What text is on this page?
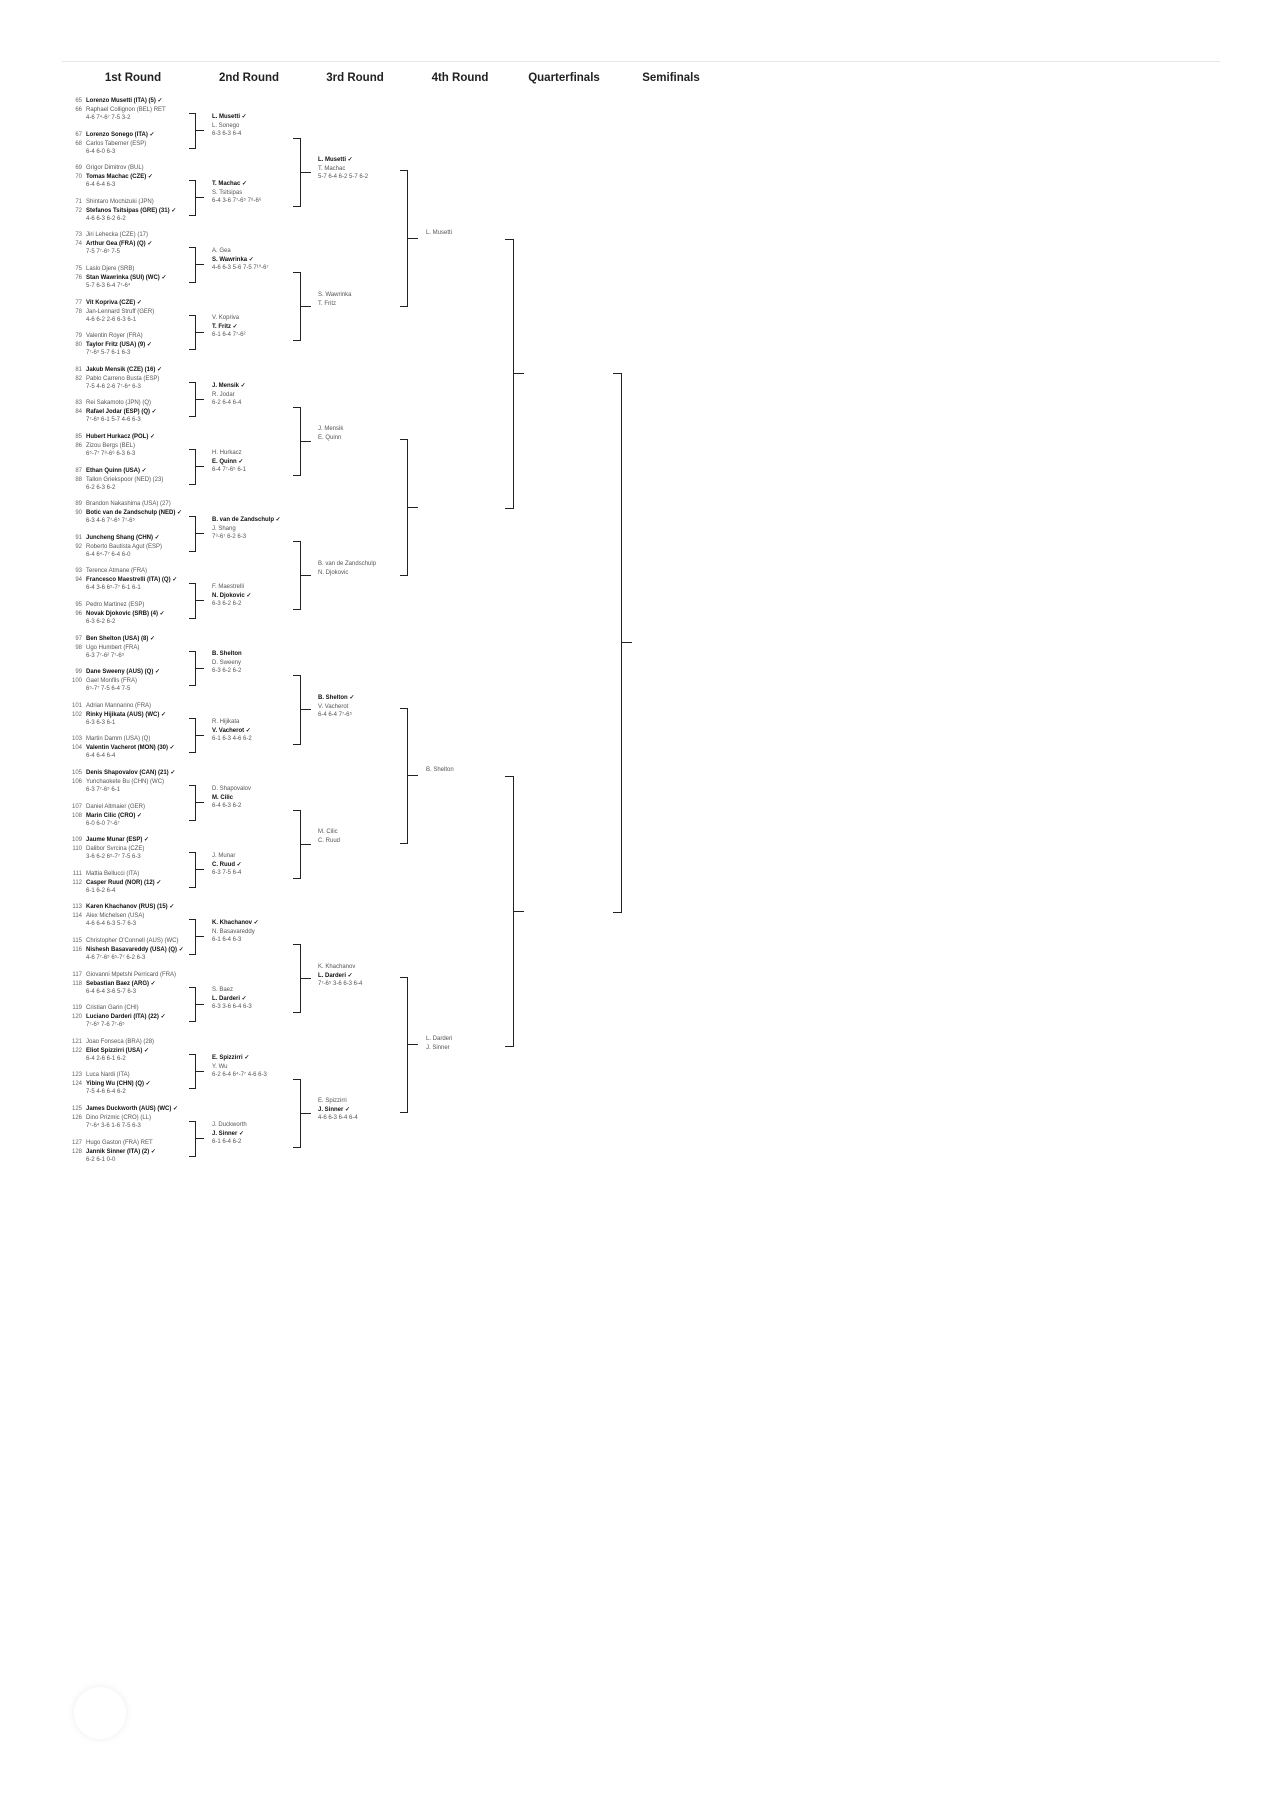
1st Round	2nd Round	3rd Round	4th Round	Quarterfinals	Semifinals
65 Lorenzo Musetti (ITA) (5) ✓
66 Raphael Collignon (BEL) RET
4-6 7⁴-6⁷ 7-5 3-2
67 Lorenzo Sonego (ITA) ✓
68 Carlos Taberner (ESP)
6-4 6-0 6-3
69 Grigor Dimitrov (BUL)
70 Tomas Machac (CZE) ✓
6-4 6-4 6-3
71 Shintaro Mochizuki (JPN)
72 Stefanos Tsitsipas (GRE) (31) ✓
4-6 6-3 6-2 6-2
73 Jiri Lehecka (CZE) (17)
74 Arthur Gea (FRA) (Q) ✓
7-5 7⁷-6⁵ 7-5
75 Laslo Djere (SRB)
76 Stan Wawrinka (SUI) (WC) ✓
5-7 6-3 6-4 7⁷-6⁴
77 Vit Kopriva (CZE) ✓
78 Jan-Lennard Struff (GER)
4-6 6-2 2-6 6-3 6-1
79 Valentin Royer (FRA)
80 Taylor Fritz (USA) (9) ✓
7⁷-6⁵ 5-7 6-1 6-3
81 Jakub Mensik (CZE) (16) ✓
82 Pablo Carreno Busta (ESP)
7-5 4-6 2-6 7⁷-6⁴ 6-3
83 Rei Sakamoto (JPN) (Q)
84 Rafael Jodar (ESP) (Q) ✓
7⁷-6⁵ 6-1 5-7 4-6 6-3
85 Hubert Hurkacz (POL) ✓
86 Zizou Bergs (BEL)
6⁵-7⁷ 7⁸-6⁶ 6-3 6-3
87 Ethan Quinn (USA) ✓
88 Tallon Griekspoor (NED) (23)
6-2 6-3 6-2
89 Brandon Nakashima (USA) (27)
90 Botic van de Zandschulp (NED) ✓
6-3 4-6 7⁷-6⁵ 7⁷-6⁵
91 Juncheng Shang (CHN) ✓
92 Roberto Bautista Agut (ESP)
6-4 6⁴-7⁷ 6-4 6-0
93 Terence Atmane (FRA)
94 Francesco Maestrelli (ITA) (Q) ✓
6-4 3-6 6⁵-7⁷ 6-1 6-1
95 Pedro Martinez (ESP)
96 Novak Djokovic (SRB) (4) ✓
6-3 6-2 6-2
97 Ben Shelton (USA) (8) ✓
98 Ugo Humbert (FRA)
6-3 7⁷-6² 7⁷-6⁵
99 Dane Sweeny (AUS) (Q) ✓
100 Gael Monfils (FRA)
6⁵-7⁷ 7-5 6-4 7-5
101 Adrian Mannarino (FRA)
102 Rinky Hijikata (AUS) (WC) ✓
6-3 6-3 6-1
103 Martin Damm (USA) (Q)
104 Valentin Vacherot (MON) (30) ✓
6-4 6-4 6-4
105 Denis Shapovalov (CAN) (21) ✓
106 Yunchaokete Bu (CHN) (WC)
6-3 7⁷-6⁵ 6-1
107 Daniel Altmaier (GER)
108 Marin Cilic (CRO) ✓
6-0 6-0 7⁷-6⁷
109 Jaume Munar (ESP) ✓
110 Dalibor Svrcina (CZE)
3-6 6-2 6⁵-7⁷ 7-5 6-3
111 Mattia Bellucci (ITA)
112 Casper Ruud (NOR) (12) ✓
6-1 6-2 6-4
113 Karen Khachanov (RUS) (15) ✓
114 Alex Michelsen (USA)
4-6 6-4 6-3 5-7 6-3
115 Christopher O'Connell (AUS) (WC)
116 Nishesh Basavareddy (USA) (Q) ✓
4-6 7⁷-6⁵ 6⁵-7⁷ 6-2 6-3
117 Giovanni Mpetshi Perricard (FRA)
118 Sebastian Baez (ARG) ✓
6-4 6-4 3-6 5-7 6-3
119 Cristian Garin (CHI)
120 Luciano Darderi (ITA) (22) ✓
7⁷-6⁵ 7-6 7⁷-6⁵
121 Joao Fonseca (BRA) (28)
122 Eliot Spizzirri (USA) ✓
6-4 2-6 6-1 6-2
123 Luca Nardi (ITA)
124 Yibing Wu (CHN) (Q) ✓
7-5 4-6 6-4 6-2
125 James Duckworth (AUS) (WC) ✓
126 Dino Prizmic (CRO) (LL)
7⁷-6⁴ 3-6 1-6 7-5 6-3
127 Hugo Gaston (FRA) RET
128 Jannik Sinner (ITA) (2) ✓
6-2 6-1 0-0
L. Musetti ✓
L. Sonego
6-3 6-3 6-4
T. Machac ✓
S. Tsitsipas
6-4 3-6 7⁷-6⁵ 7⁸-6⁶
A. Gea
S. Wawrinka ✓
4-6 6-3 5-6 7-5 7¹⁰-6⁷
V. Kopriva
T. Fritz ✓
6-1 6-4 7⁷-6²
J. Mensik ✓
R. Jodar
6-2 6-4 6-4
H. Hurkacz
E. Quinn ✓
6-4 7⁷-6⁵ 6-1
B. van de Zandschulp ✓
J. Shang
7⁹-6⁷ 6-2 6-3
F. Maestrelli
N. Djokovic ✓
6-3 6-2 6-2
B. Shelton
D. Sweeny
6-3 6-2 6-2
R. Hijikata
V. Vacherot ✓
6-1 6-3 4-6 6-2
D. Shapovalov
M. Cilic
6-4 6-3 6-2
J. Munar
C. Ruud ✓
6-3 7-5 6-4
K. Khachanov ✓
N. Basavareddy
6-1 6-4 6-3
S. Baez
L. Darderi ✓
6-3 3-6 6-4 6-3
E. Spizzirri ✓
Y. Wu
6-2 6-4 6⁴-7⁷ 4-6 6-3
J. Duckworth
J. Sinner ✓
6-1 6-4 6-2
L. Musetti ✓
T. Machac
5-7 6-4 6-2 5-7 6-2
S. Wawrinka
T. Fritz
J. Mensik
E. Quinn
B. van de Zandschulp
N. Djokovic
B. Shelton ✓
V. Vacherot
6-4 6-4 7⁷-6⁵
M. Cilic
C. Ruud
K. Khachanov
L. Darderi ✓
7⁷-6⁵ 3-6 6-3 6-4
E. Spizzirri
J. Sinner ✓
4-6 6-3 6-4 6-4
L. Musetti
B. Shelton
L. Darderi
J. Sinner
